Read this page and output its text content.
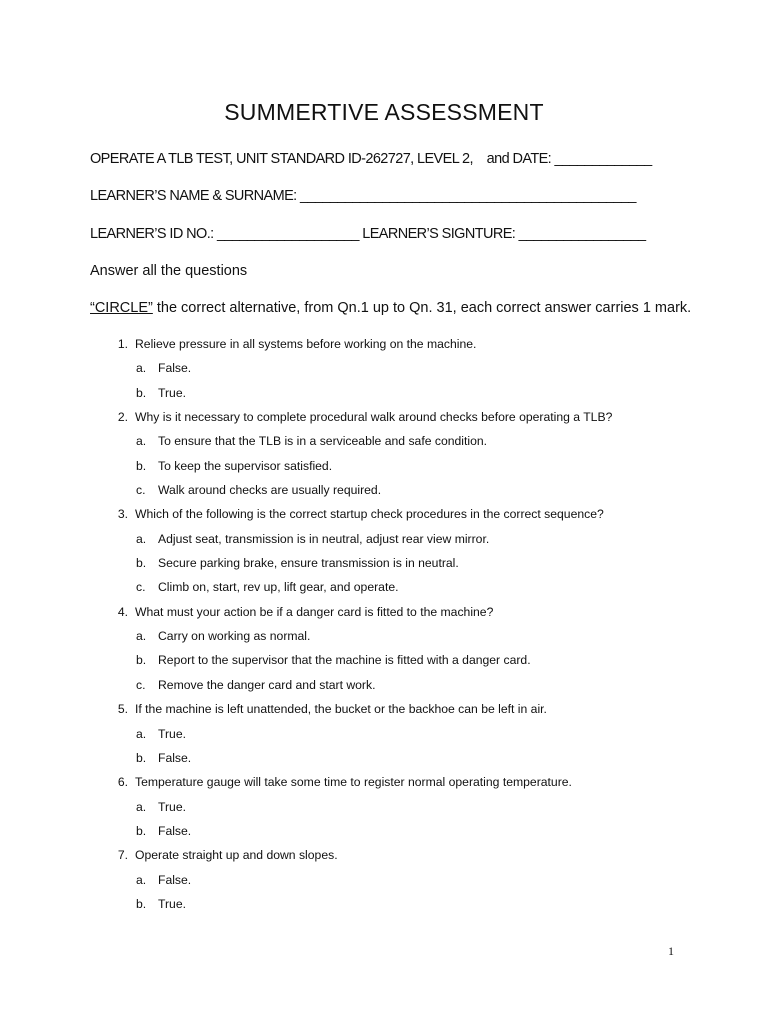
SUMMERTIVE ASSESSMENT
OPERATE A TLB TEST, UNIT STANDARD ID-262727, LEVEL 2,    and DATE: _____________
LEARNER’S NAME & SURNAME: _____________________________________________
LEARNER’S ID NO.: ___________________ LEARNER’S SIGNTURE: _________________
Answer all the questions
“CIRCLE” the correct alternative, from Qn.1 up to Qn. 31, each correct answer carries 1 mark.
1. Relieve pressure in all systems before working on the machine.
a. False.
b. True.
2. Why is it necessary to complete procedural walk around checks before operating a TLB?
a. To ensure that the TLB is in a serviceable and safe condition.
b. To keep the supervisor satisfied.
c. Walk around checks are usually required.
3. Which of the following is the correct startup check procedures in the correct sequence?
a. Adjust seat, transmission is in neutral, adjust rear view mirror.
b. Secure parking brake, ensure transmission is in neutral.
c. Climb on, start, rev up, lift gear, and operate.
4. What must your action be if a danger card is fitted to the machine?
a. Carry on working as normal.
b. Report to the supervisor that the machine is fitted with a danger card.
c. Remove the danger card and start work.
5. If the machine is left unattended, the bucket or the backhoe can be left in air.
a. True.
b. False.
6. Temperature gauge will take some time to register normal operating temperature.
a. True.
b. False.
7. Operate straight up and down slopes.
a. False.
b. True.
1
